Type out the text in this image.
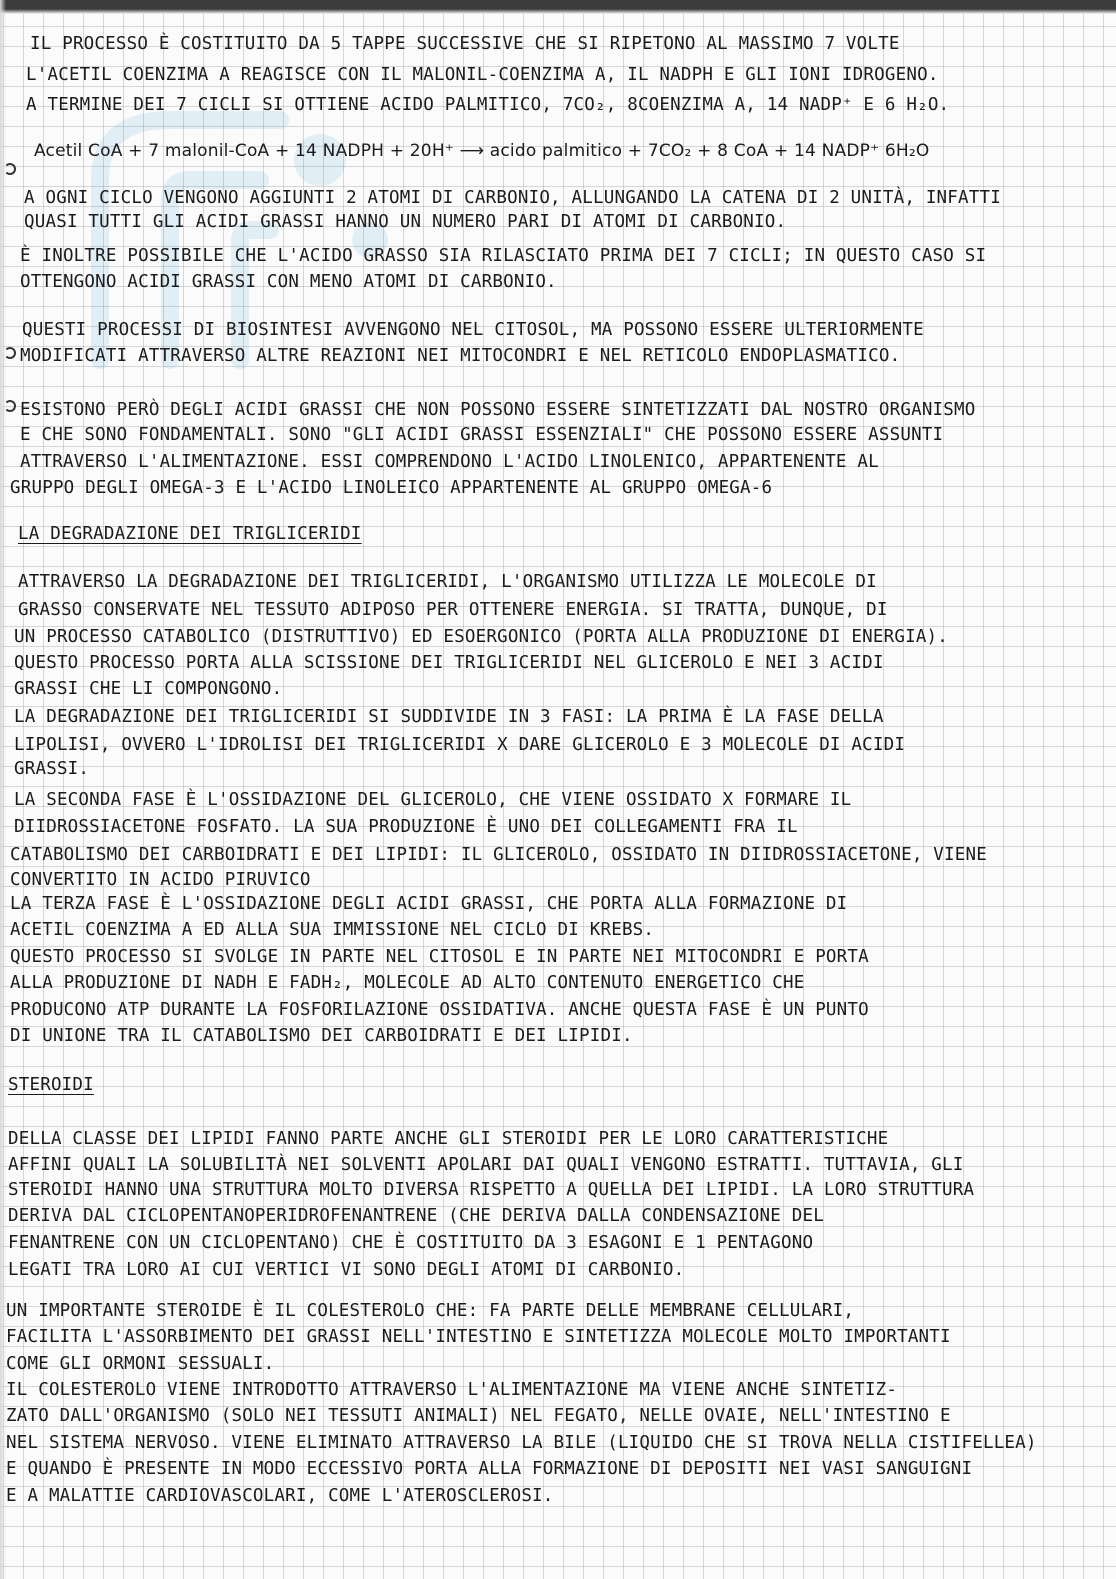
IL PROCESSO È COSTITUITO DA 5 TAPPE SUCCESSIVE CHE SI RIPETONO AL MASSIMO 7 VOLTE

L'ACETIL COENZIMA A REAGISCE CON IL MALONIL-COENZIMA A, IL NADPH E GLI IONI IDROGENO.

A TERMINE DEI 7 CICLI SI OTTIENE ACIDO PALMITICO, 7CO₂, 8COENZIMA A, 14 NADP⁺ E 6 H₂O.

Acetil CoA + 7 malonil-CoA + 14 NADPH + 20H⁺ ⟶ acido palmitico + 7CO₂ + 8 CoA + 14 NADP⁺ 6H₂O

A OGNI CICLO VENGONO AGGIUNTI 2 ATOMI DI CARBONIO, ALLUNGANDO LA CATENA DI 2 UNITÀ, INFATTI

QUASI TUTTI GLI ACIDI GRASSI HANNO UN NUMERO PARI DI ATOMI DI CARBONIO.

È INOLTRE POSSIBILE CHE L'ACIDO GRASSO SIA RILASCIATO PRIMA DEI 7 CICLI; IN QUESTO CASO SI

OTTENGONO ACIDI GRASSI CON MENO ATOMI DI CARBONIO.

QUESTI PROCESSI DI BIOSINTESI AVVENGONO NEL CITOSOL, MA POSSONO ESSERE ULTERIORMENTE

MODIFICATI ATTRAVERSO ALTRE REAZIONI NEI MITOCONDRI E NEL RETICOLO ENDOPLASMATICO.

ESISTONO PERÒ DEGLI ACIDI GRASSI CHE NON POSSONO ESSERE SINTETIZZATI DAL NOSTRO ORGANISMO

E CHE SONO FONDAMENTALI. SONO "GLI ACIDI GRASSI ESSENZIALI" CHE POSSONO ESSERE ASSUNTI

ATTRAVERSO L'ALIMENTAZIONE. ESSI COMPRENDONO L'ACIDO LINOLENICO, APPARTENENTE AL

GRUPPO DEGLI OMEGA-3 E L'ACIDO LINOLEICO APPARTENENTE AL GRUPPO OMEGA-6

LA DEGRADAZIONE DEI TRIGLICERIDI

ATTRAVERSO LA DEGRADAZIONE DEI TRIGLICERIDI, L'ORGANISMO UTILIZZA LE MOLECOLE DI

GRASSO CONSERVATE NEL TESSUTO ADIPOSO PER OTTENERE ENERGIA. SI TRATTA, DUNQUE, DI

UN PROCESSO CATABOLICO (DISTRUTTIVO) ED ESOERGONICO (PORTA ALLA PRODUZIONE DI ENERGIA).

QUESTO PROCESSO PORTA ALLA SCISSIONE DEI TRIGLICERIDI NEL GLICEROLO E NEI 3 ACIDI

GRASSI CHE LI COMPONGONO.

LA DEGRADAZIONE DEI TRIGLICERIDI SI SUDDIVIDE IN 3 FASI: LA PRIMA È LA FASE DELLA

LIPOLISI, OVVERO L'IDROLISI DEI TRIGLICERIDI X DARE GLICEROLO E 3 MOLECOLE DI ACIDI

GRASSI.

LA SECONDA FASE È L'OSSIDAZIONE DEL GLICEROLO, CHE VIENE OSSIDATO X FORMARE IL

DIIDROSSIACETONE FOSFATO. LA SUA PRODUZIONE È UNO DEI COLLEGAMENTI FRA IL

CATABOLISMO DEI CARBOIDRATI E DEI LIPIDI: IL GLICEROLO, OSSIDATO IN DIIDROSSIACETONE, VIENE

CONVERTITO IN ACIDO PIRUVICO

LA TERZA FASE È L'OSSIDAZIONE DEGLI ACIDI GRASSI, CHE PORTA ALLA FORMAZIONE DI

ACETIL COENZIMA A ED ALLA SUA IMMISSIONE NEL CICLO DI KREBS.

QUESTO PROCESSO SI SVOLGE IN PARTE NEL CITOSOL E IN PARTE NEI MITOCONDRI E PORTA

ALLA PRODUZIONE DI NADH E FADH₂, MOLECOLE AD ALTO CONTENUTO ENERGETICO CHE

PRODUCONO ATP DURANTE LA FOSFORILAZIONE OSSIDATIVA. ANCHE QUESTA FASE È UN PUNTO

DI UNIONE TRA IL CATABOLISMO DEI CARBOIDRATI E DEI LIPIDI.

STEROIDI

DELLA CLASSE DEI LIPIDI FANNO PARTE ANCHE GLI STEROIDI PER LE LORO CARATTERISTICHE

AFFINI QUALI LA SOLUBILITÀ NEI SOLVENTI APOLARI DAI QUALI VENGONO ESTRATTI. TUTTAVIA, GLI

STEROIDI HANNO UNA STRUTTURA MOLTO DIVERSA RISPETTO A QUELLA DEI LIPIDI. LA LORO STRUTTURA

DERIVA DAL CICLOPENTANOPERIDROFENANTRENE (CHE DERIVA DALLA CONDENSAZIONE DEL

FENANTRENE CON UN CICLOPENTANO) CHE È COSTITUITO DA 3 ESAGONI E 1 PENTAGONO

LEGATI TRA LORO AI CUI VERTICI VI SONO DEGLI ATOMI DI CARBONIO.

UN IMPORTANTE STEROIDE È IL COLESTEROLO CHE: FA PARTE DELLE MEMBRANE CELLULARI,

FACILITA L'ASSORBIMENTO DEI GRASSI NELL'INTESTINO E SINTETIZZA MOLECOLE MOLTO IMPORTANTI

COME GLI ORMONI SESSUALI.

IL COLESTEROLO VIENE INTRODOTTO ATTRAVERSO L'ALIMENTAZIONE MA VIENE ANCHE SINTETIZ-

ZATO DALL'ORGANISMO (SOLO NEI TESSUTI ANIMALI) NEL FEGATO, NELLE OVAIE, NELL'INTESTINO E

NEL SISTEMA NERVOSO. VIENE ELIMINATO ATTRAVERSO LA BILE (LIQUIDO CHE SI TROVA NELLA CISTIFELLEA)

E QUANDO È PRESENTE IN MODO ECCESSIVO PORTA ALLA FORMAZIONE DI DEPOSITI NEI VASI SANGUIGNI

E A MALATTIE CARDIOVASCOLARI, COME L'ATEROSCLEROSI.
